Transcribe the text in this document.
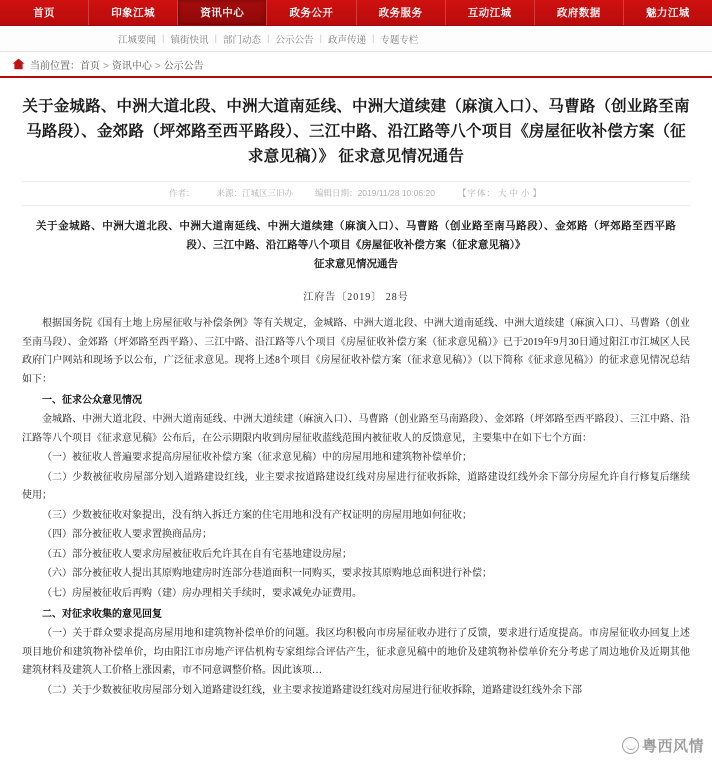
首页	印象江城	资讯中心	政务公开	政务服务	互动江城	政府数据	魅力江城
江城要闻 | 镇街快讯 | 部门动态 | 公示公告 | 政声传递 | 专题专栏
当前位置：首页 > 资讯中心 > 公示公告
关于金城路、中洲大道北段、中洲大道南延线、中洲大道续建（麻演入口）、马曹路（创业路至南马路段）、金郊路（坪郊路至西平路段）、三江中路、沿江路等八个项目《房屋征收补偿方案（征求意见稿）》 征求意见情况通告
作者：	来源：江城区三旧办	编辑日期：2019/11/28 10:06:20	【字体： 大 中 小 】
关于金城路、中洲大道北段、中洲大道南延线、中洲大道续建（麻演入口）、马曹路（创业路至南马路段）、金郊路（坪郊路至西平路段）、三江中路、沿江路等八个项目《房屋征收补偿方案（征求意见稿）》
征求意见情况通告
江府告〔2019〕 28号

根据国务院《国有土地上房屋征收与补偿条例》等有关规定，金城路、中洲大道北段、中洲大道南延线、中洲大道续建（麻演入口）、马曹路（创业至南马段）、金郊路（坪郊路至西平路）、三江中路、沿江路等八个项目《房屋征收补偿方案（征求意见稿）》已于2019年9月30日通过阳江市江城区人民政府门户网站和现场予以公布，广泛征求意见。现将上述8个项目《房屋征收补偿方案（征求意见稿）》（以下简称《征求意见稿》）的征求意见情况总结如下：

一、征求公众意见情况

金城路、中洲大道北段、中洲大道南延线、中洲大道续建（麻演入口）、马曹路（创业路至马南路段）、金郊路（坪郊路至西平路段）、三江中路、沿江路等八个项目《征求意见稿》公布后，在公示期限内收到房屋征收蓝线范围内被征收人的反馈意见，主要集中在如下七个方面：

（一）被征收人普遍要求提高房屋征收补偿方案（征求意见稿）中的房屋用地和建筑物补偿单价；

（二）少数被征收房屋部分划入道路建设红线，业主要求按道路建设红线对房屋进行征收拆除，道路建设红线外余下部分房屋允许自行修复后继续使用；

（三）少数被征收对象提出，没有纳入拆迁方案的住宅用地和没有产权证明的房屋用地如何征收；

（四）部分被征收人要求置换商品房；

（五）部分被征收人要求房屋被征收后允许其在自有宅基地建设房屋；

（六）部分被征收人提出其原购地建房时连部分巷道面积一同购买，要求按其原购地总面积进行补偿；

（七）房屋被征收后再购（建）房办理相关手续时，要求减免办证费用。

二、对征求收集的意见回复

（一）关于群众要求提高房屋用地和建筑物补偿单价的问题。我区均积极向市房屋征收办进行了反馈，要求进行适度提高。市房屋征收办回复上述项目地价和建筑物补偿单价，均由阳江市房地产评估机构专家组综合评估产生，征求意见稿中的地价及建筑物补偿单价充分考虑了周边地价及近期其他建筑材料及建筑人工价格上涨因素，市不同意调整价格。因此该项…

（二）关于少数被征收房屋部分划入道路建设红线，业主要求按道路建设红线对房屋进行征收拆除，道路建设红线外余下部

粤西风情
